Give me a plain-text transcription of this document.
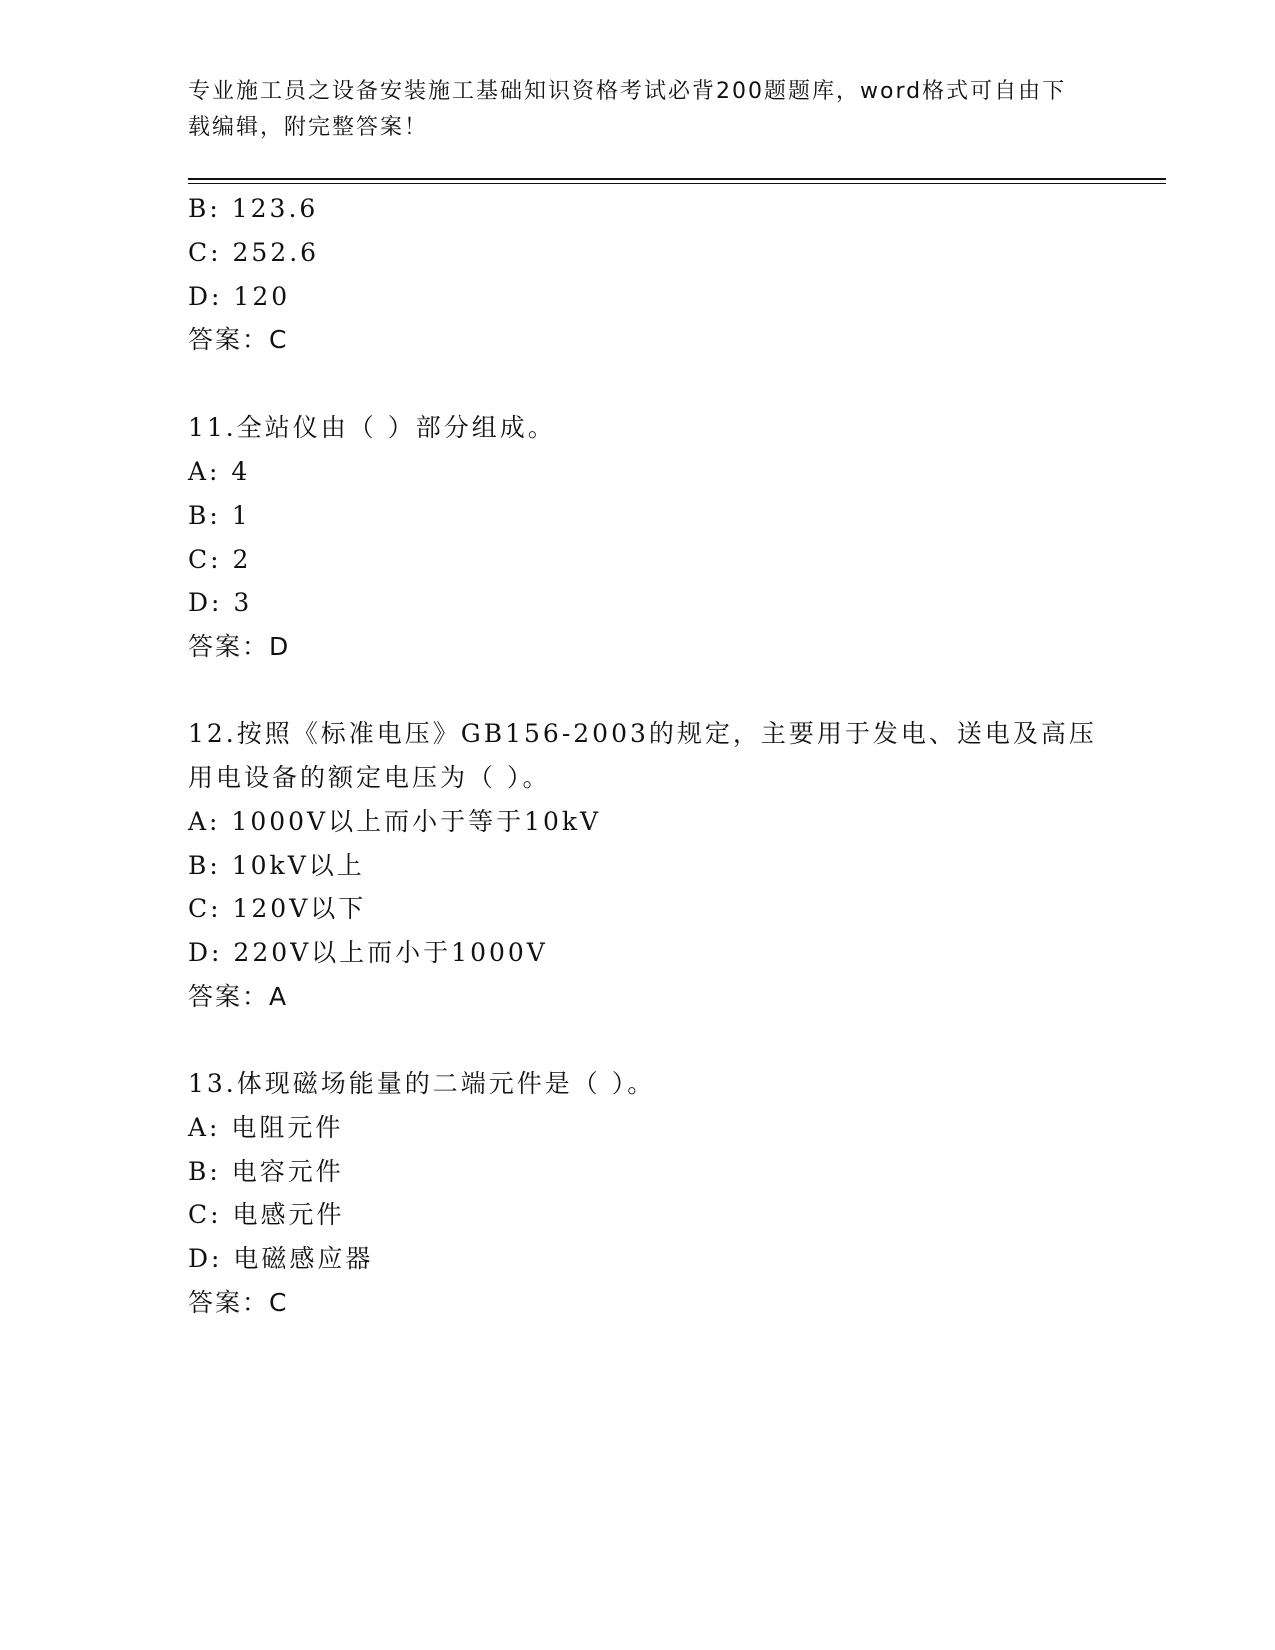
专业施工员之设备安装施工基础知识资格考试必背200题题库，word格式可自由下载编辑，附完整答案！
B: 123.6
C: 252.6
D: 120
答案：C
11.全站仪由（ ）部分组成。
A: 4
B: 1
C: 2
D: 3
答案：D
12.按照《标准电压》GB156-2003的规定，主要用于发电、送电及高压
用电设备的额定电压为（ ）。
A: 1000V以上而小于等于10kV
B: 10kV以上
C: 120V以下
D: 220V以上而小于1000V
答案：A
13.体现磁场能量的二端元件是（ ）。
A: 电阻元件
B: 电容元件
C: 电感元件
D: 电磁感应器
答案：C
